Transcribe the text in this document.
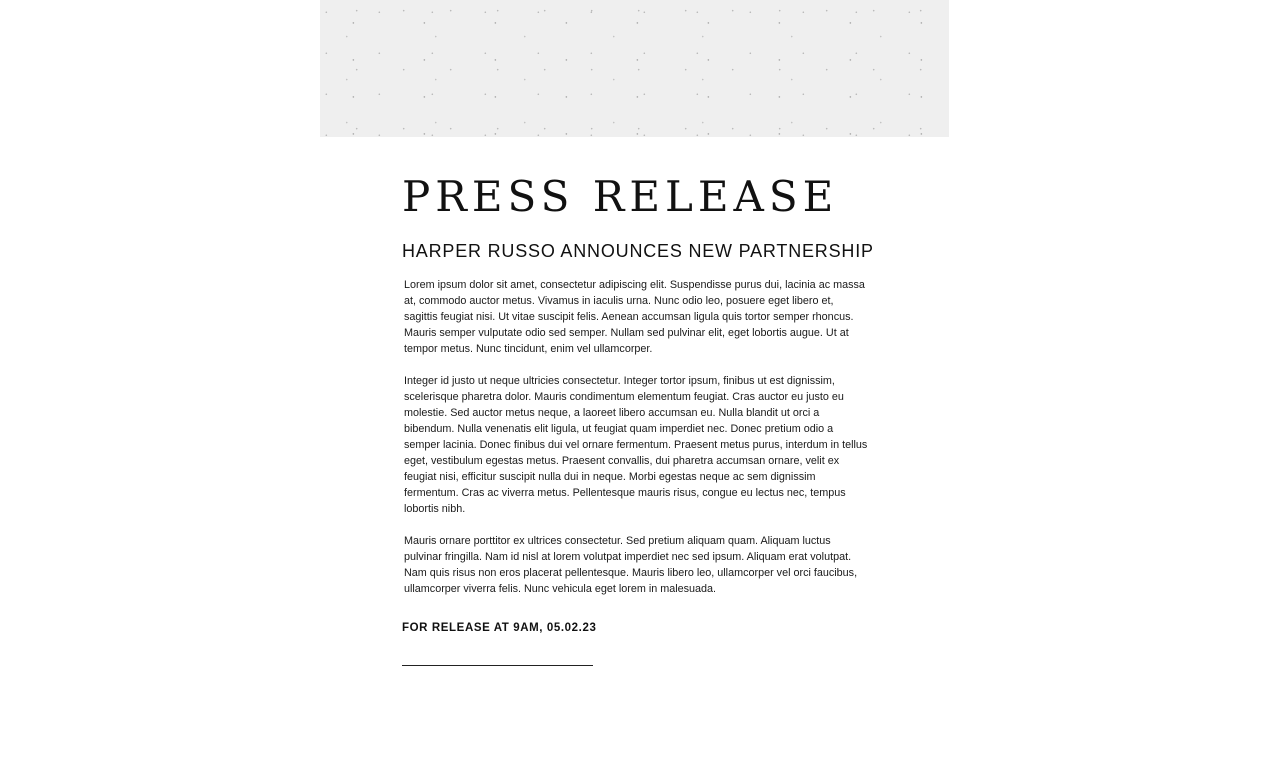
PRESS RELEASE
HARPER RUSSO ANNOUNCES NEW PARTNERSHIP
Lorem ipsum dolor sit amet, consectetur adipiscing elit. Suspendisse purus dui, lacinia ac massa
at, commodo auctor metus. Vivamus in iaculis urna. Nunc odio leo, posuere eget libero et,
sagittis feugiat nisi. Ut vitae suscipit felis. Aenean accumsan ligula quis tortor semper rhoncus.
Mauris semper vulputate odio sed semper. Nullam sed pulvinar elit, eget lobortis augue. Ut at
tempor metus. Nunc tincidunt, enim vel ullamcorper.
Integer id justo ut neque ultricies consectetur. Integer tortor ipsum, finibus ut est dignissim,
scelerisque pharetra dolor. Mauris condimentum elementum feugiat. Cras auctor eu justo eu
molestie. Sed auctor metus neque, a laoreet libero accumsan eu. Nulla blandit ut orci a
bibendum. Nulla venenatis elit ligula, ut feugiat quam imperdiet nec. Donec pretium odio a
semper lacinia. Donec finibus dui vel ornare fermentum. Praesent metus purus, interdum in tellus
eget, vestibulum egestas metus. Praesent convallis, dui pharetra accumsan ornare, velit ex
feugiat nisi, efficitur suscipit nulla dui in neque. Morbi egestas neque ac sem dignissim
fermentum. Cras ac viverra metus. Pellentesque mauris risus, congue eu lectus nec, tempus
lobortis nibh.
Mauris ornare porttitor ex ultrices consectetur. Sed pretium aliquam quam. Aliquam luctus
pulvinar fringilla. Nam id nisl at lorem volutpat imperdiet nec sed ipsum. Aliquam erat volutpat.
Nam quis risus non eros placerat pellentesque. Mauris libero leo, ullamcorper vel orci faucibus,
ullamcorper viverra felis. Nunc vehicula eget lorem in malesuada.
FOR RELEASE AT 9AM, 05.02.23
